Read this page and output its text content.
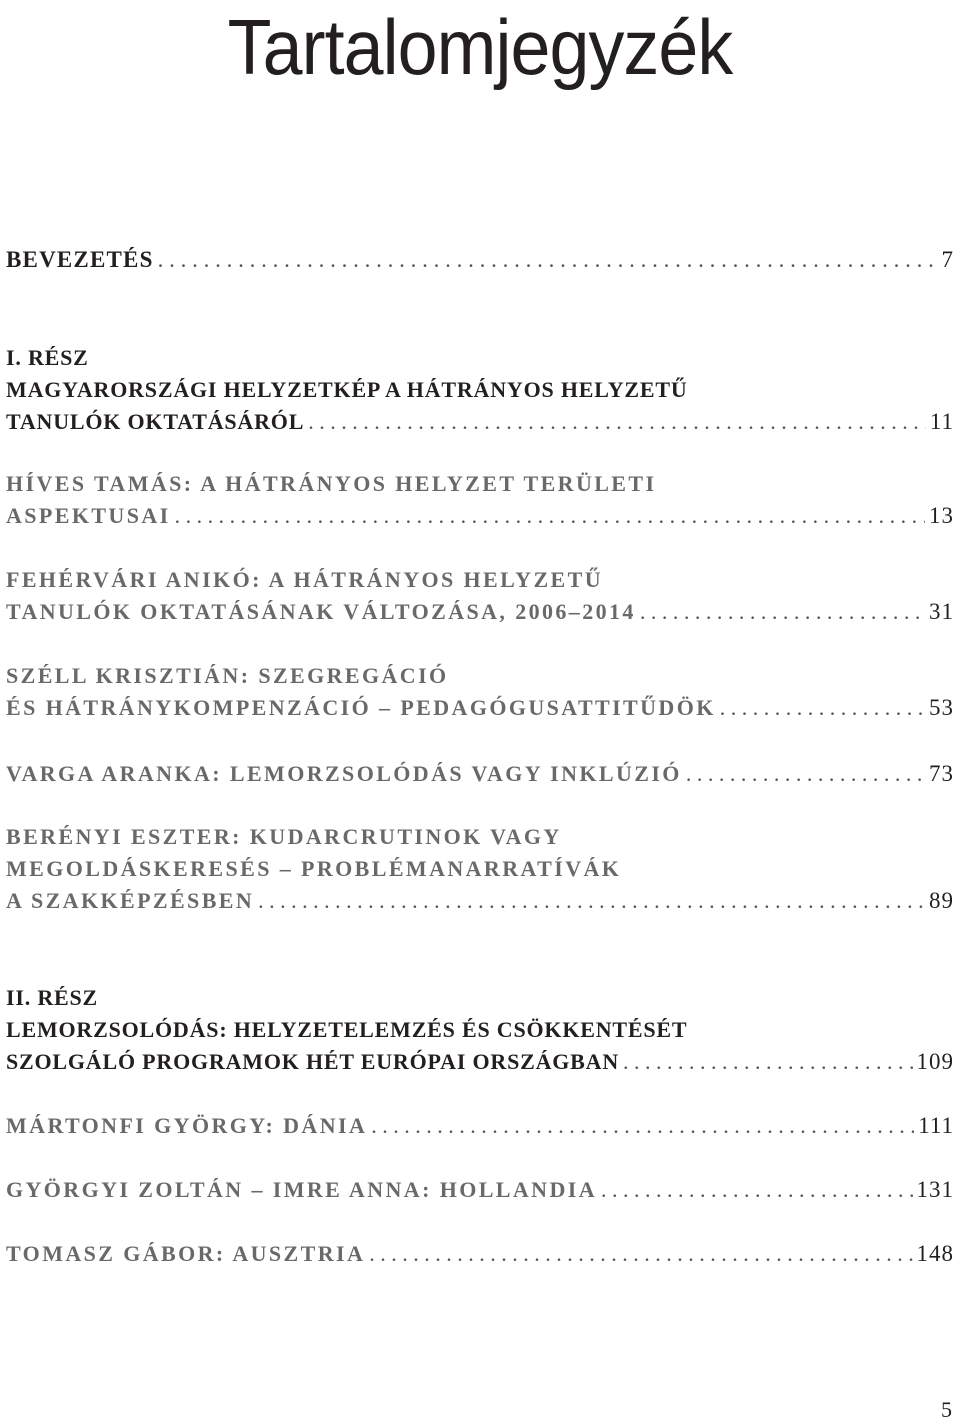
Tartalomjegyzék
BEVEZETÉS . . .	7
I. RÉSZ
MAGYARORSZÁGI HELYZETKÉP A HÁTRÁNYOS HELYZETŰ
TANULÓK OKTATÁSÁRÓL . . .	11
HÍVES TAMÁS: A HÁTRÁNYOS HELYZET TERÜLETI
ASPEKTUSAI . . .	13
FEHÉRVÁRI ANIKÓ: A HÁTRÁNYOS HELYZETŰ
TANULÓK OKTATÁSÁNAK VÁLTOZÁSA, 2006–2014 . . .	31
SZÉLL KRISZTIÁN: SZEGREGÁCIÓ
ÉS HÁTRÁNYKOMPENZÁCIÓ – PEDAGÓGUSATTITŰDÖK . . .	53
VARGA ARANKA: LEMORZSOLÓDÁS VAGY INKLÚZIÓ . . .	73
BERÉNYI ESZTER: KUDARCRUTINOK VAGY
MEGOLDÁSKERESÉS – PROBLÉMANARRATÍVÁK
A SZAKKÉPZÉSBEN . . .	89
II. RÉSZ
LEMORZSOLÓDÁS: HELYZETELEMZÉS ÉS CSÖKKENTÉSÉT
SZOLGÁLÓ PROGRAMOK HÉT EURÓPAI ORSZÁGBAN . . .	109
MÁRTONFI GYÖRGY: DÁNIA . . .	111
GYÖRGYI ZOLTÁN – IMRE ANNA: HOLLANDIA . . .	131
TOMASZ GÁBOR: AUSZTRIA . . .	148
5
